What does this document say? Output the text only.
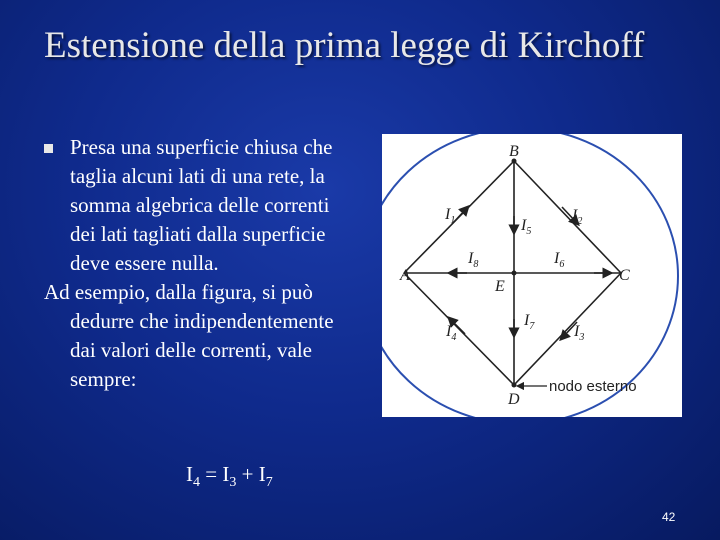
Estensione della prima legge di Kirchoff

Presa una superficie chiusa che taglia alcuni lati di una rete, la somma algebrica delle correnti dei lati tagliati dalla superficie deve essere nulla.

Ad esempio, dalla figura, si può dedurre che indipendentemente dai valori delle correnti, vale sempre:

$I_4 = I_3 + I_7$
nodo esterno
B
A	C
E
D
$I_1$	$I_2$
$I_5$
$I_8$	$I_6$
$I_7$
$I_4$	$I_3$
42
